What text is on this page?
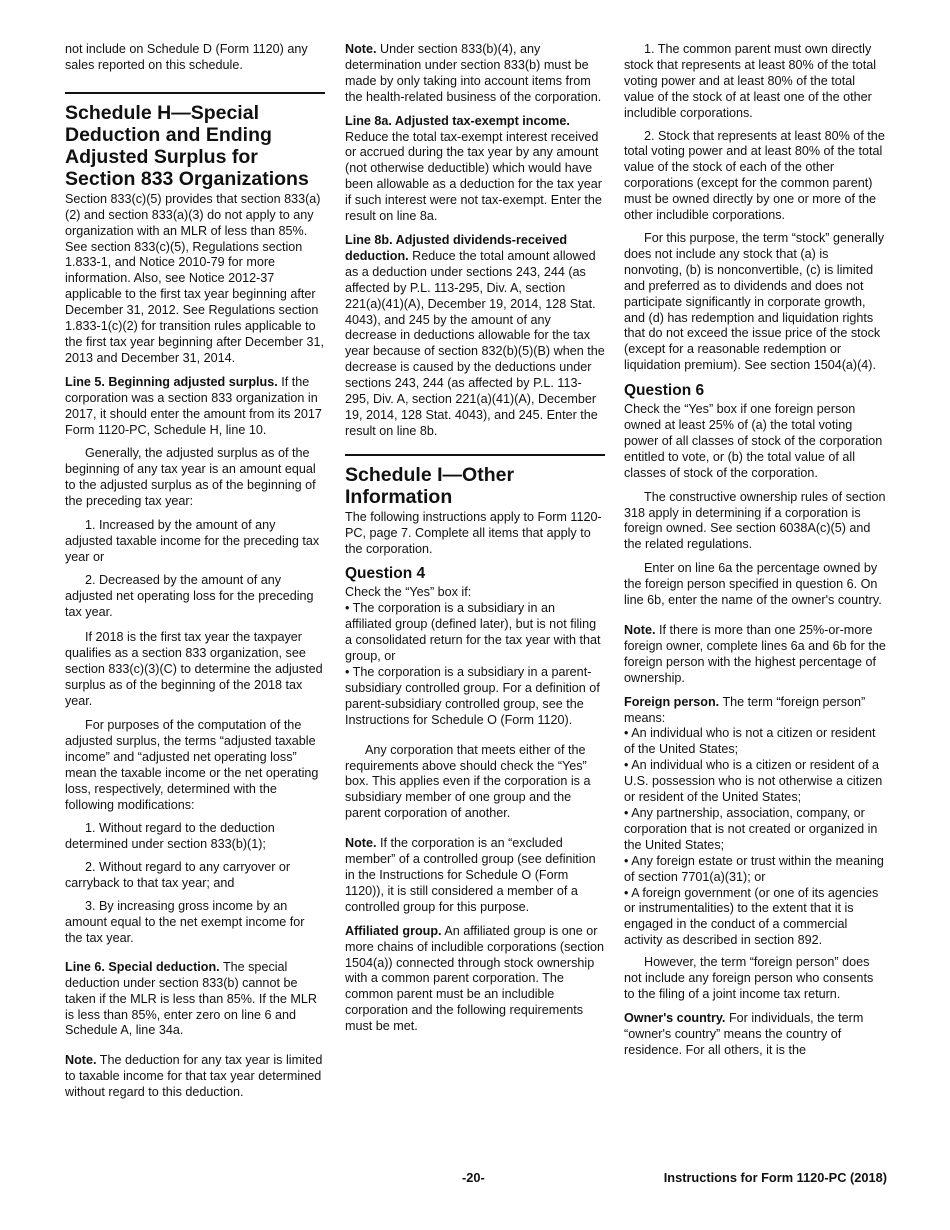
not include on Schedule D (Form 1120) any sales reported on this schedule.

Schedule H—Special Deduction and Ending Adjusted Surplus for Section 833 Organizations

Section 833(c)(5) provides that section 833(a)(2) and section 833(a)(3) do not apply to any organization with an MLR of less than 85%. See section 833(c)(5), Regulations section 1.833-1, and Notice 2010-79 for more information. Also, see Notice 2012-37 applicable to the first tax year beginning after December 31, 2012. See Regulations section 1.833-1(c)(2) for transition rules applicable to the first tax year beginning after December 31, 2013 and December 31, 2014.

Line 5. Beginning adjusted surplus. If the corporation was a section 833 organization in 2017, it should enter the amount from its 2017 Form 1120-PC, Schedule H, line 10.

Generally, the adjusted surplus as of the beginning of any tax year is an amount equal to the adjusted surplus as of the beginning of the preceding tax year:

1. Increased by the amount of any adjusted taxable income for the preceding tax year or

2. Decreased by the amount of any adjusted net operating loss for the preceding tax year.

If 2018 is the first tax year the taxpayer qualifies as a section 833 organization, see section 833(c)(3)(C) to determine the adjusted surplus as of the beginning of the 2018 tax year.

For purposes of the computation of the adjusted surplus, the terms “adjusted taxable income” and “adjusted net operating loss” mean the taxable income or the net operating loss, respectively, determined with the following modifications:

1. Without regard to the deduction determined under section 833(b)(1);

2. Without regard to any carryover or carryback to that tax year; and

3. By increasing gross income by an amount equal to the net exempt income for the tax year.

Line 6. Special deduction. The special deduction under section 833(b) cannot be taken if the MLR is less than 85%. If the MLR is less than 85%, enter zero on line 6 and Schedule A, line 34a.

Note. The deduction for any tax year is limited to taxable income for that tax year determined without regard to this deduction.

Note. Under section 833(b)(4), any determination under section 833(b) must be made by only taking into account items from the health-related business of the corporation.

Line 8a. Adjusted tax-exempt income. Reduce the total tax-exempt interest received or accrued during the tax year by any amount (not otherwise deductible) which would have been allowable as a deduction for the tax year if such interest were not tax-exempt. Enter the result on line 8a.

Line 8b. Adjusted dividends-received deduction. Reduce the total amount allowed as a deduction under sections 243, 244 (as affected by P.L. 113-295, Div. A, section 221(a)(41)(A), December 19, 2014, 128 Stat. 4043), and 245 by the amount of any decrease in deductions allowable for the tax year because of section 832(b)(5)(B) when the decrease is caused by the deductions under sections 243, 244 (as affected by P.L. 113-295, Div. A, section 221(a)(41)(A), December 19, 2014, 128 Stat. 4043), and 245. Enter the result on line 8b.

Schedule I—Other Information

The following instructions apply to Form 1120-PC, page 7. Complete all items that apply to the corporation.

Question 4

Check the “Yes” box if:

• The corporation is a subsidiary in an affiliated group (defined later), but is not filing a consolidated return for the tax year with that group, or

• The corporation is a subsidiary in a parent-subsidiary controlled group. For a definition of parent-subsidiary controlled group, see the Instructions for Schedule O (Form 1120).

Any corporation that meets either of the requirements above should check the “Yes” box. This applies even if the corporation is a subsidiary member of one group and the parent corporation of another.

Note. If the corporation is an “excluded member” of a controlled group (see definition in the Instructions for Schedule O (Form 1120)), it is still considered a member of a controlled group for this purpose.

Affiliated group. An affiliated group is one or more chains of includible corporations (section 1504(a)) connected through stock ownership with a common parent corporation. The common parent must be an includible corporation and the following requirements must be met.

1. The common parent must own directly stock that represents at least 80% of the total voting power and at least 80% of the total value of the stock of at least one of the other includible corporations.

2. Stock that represents at least 80% of the total voting power and at least 80% of the total value of the stock of each of the other corporations (except for the common parent) must be owned directly by one or more of the other includible corporations.

For this purpose, the term “stock” generally does not include any stock that (a) is nonvoting, (b) is nonconvertible, (c) is limited and preferred as to dividends and does not participate significantly in corporate growth, and (d) has redemption and liquidation rights that do not exceed the issue price of the stock (except for a reasonable redemption or liquidation premium). See section 1504(a)(4).

Question 6

Check the “Yes” box if one foreign person owned at least 25% of (a) the total voting power of all classes of stock of the corporation entitled to vote, or (b) the total value of all classes of stock of the corporation.

The constructive ownership rules of section 318 apply in determining if a corporation is foreign owned. See section 6038A(c)(5) and the related regulations.

Enter on line 6a the percentage owned by the foreign person specified in question 6. On line 6b, enter the name of the owner's country.

Note. If there is more than one 25%-or-more foreign owner, complete lines 6a and 6b for the foreign person with the highest percentage of ownership.

Foreign person. The term “foreign person” means:

• An individual who is not a citizen or resident of the United States;

• An individual who is a citizen or resident of a U.S. possession who is not otherwise a citizen or resident of the United States;

• Any partnership, association, company, or corporation that is not created or organized in the United States;

• Any foreign estate or trust within the meaning of section 7701(a)(31); or

• A foreign government (or one of its agencies or instrumentalities) to the extent that it is engaged in the conduct of a commercial activity as described in section 892.

However, the term “foreign person” does not include any foreign person who consents to the filing of a joint income tax return.

Owner's country. For individuals, the term “owner's country” means the country of residence. For all others, it is the

-20-	Instructions for Form 1120-PC (2018)
